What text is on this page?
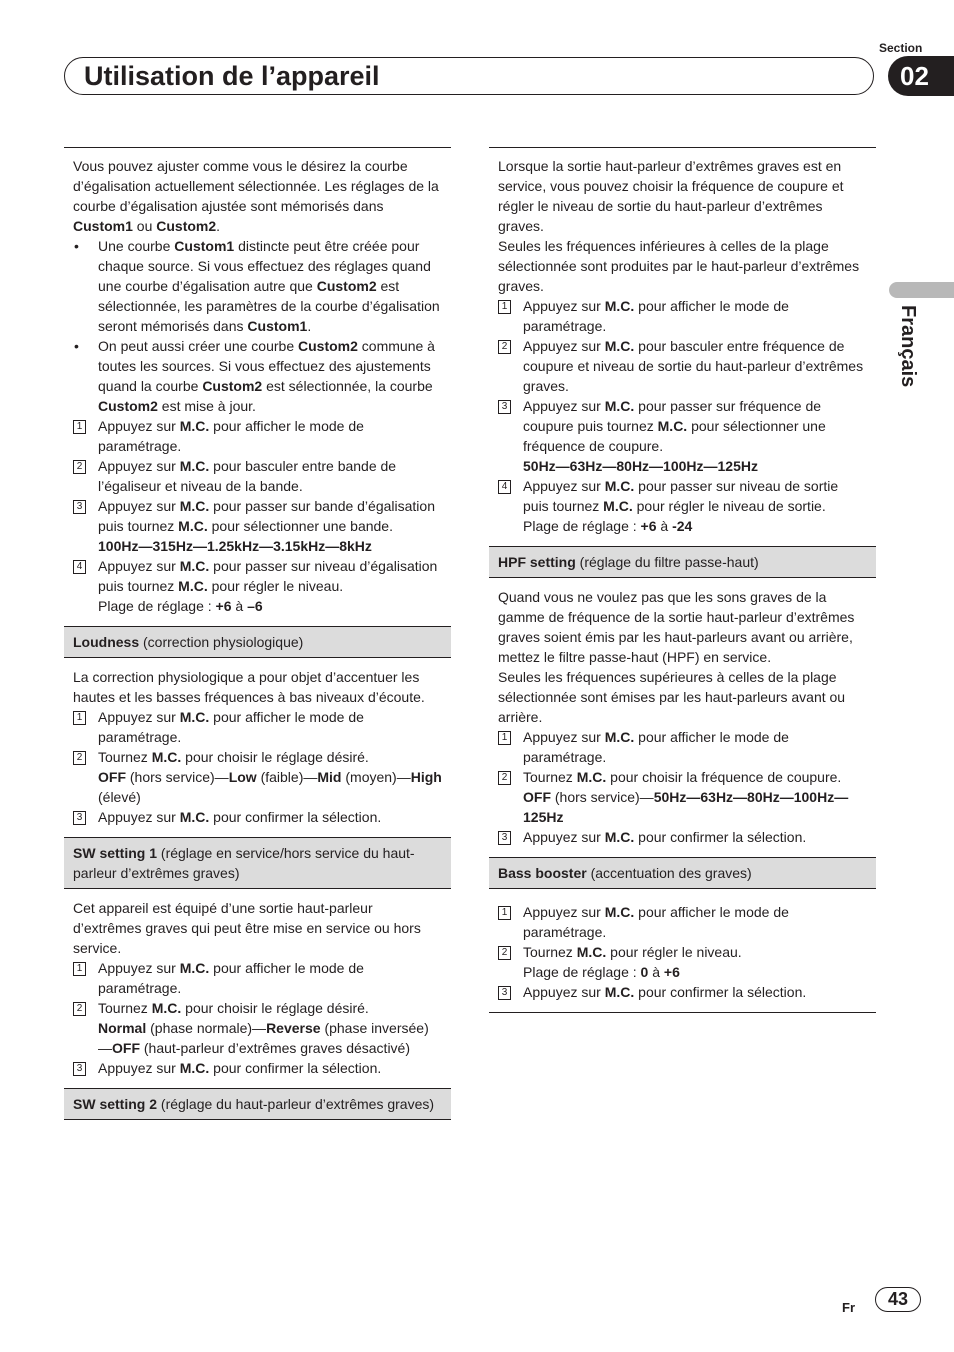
Section
Utilisation de l’appareil	02
Français

Vous pouvez ajuster comme vous le désirez la courbe d’égalisation actuellement sélectionnée. Les réglages de la courbe d’égalisation ajustée sont mémorisés dans Custom1 ou Custom2.

• Une courbe Custom1 distincte peut être créée pour chaque source. Si vous effectuez des réglages quand une courbe d’égalisation autre que Custom2 est sélectionnée, les paramètres de la courbe d’égalisation seront mémorisés dans Custom1.
• On peut aussi créer une courbe Custom2 commune à toutes les sources. Si vous effectuez des ajustements quand la courbe Custom2 est sélectionnée, la courbe Custom2 est mise à jour.
1 Appuyez sur M.C. pour afficher le mode de paramétrage.
2 Appuyez sur M.C. pour basculer entre bande de l’égaliseur et niveau de la bande.
3 Appuyez sur M.C. pour passer sur bande d’égalisation puis tournez M.C. pour sélectionner une bande.
100Hz—315Hz—1.25kHz—3.15kHz—8kHz
4 Appuyez sur M.C. pour passer sur niveau d’égalisation puis tournez M.C. pour régler le niveau.
Plage de réglage : +6 à –6
Loudness (correction physiologique)

La correction physiologique a pour objet d’accentuer les hautes et les basses fréquences à bas niveaux d’écoute.

1 Appuyez sur M.C. pour afficher le mode de paramétrage.
2 Tournez M.C. pour choisir le réglage désiré.
OFF (hors service)—Low (faible)—Mid (moyen)—High (élevé)
3 Appuyez sur M.C. pour confirmer la sélection.
SW setting 1 (réglage en service/hors service du haut-parleur d’extrêmes graves)

Cet appareil est équipé d’une sortie haut-parleur d’extrêmes graves qui peut être mise en service ou hors service.

1 Appuyez sur M.C. pour afficher le mode de paramétrage.
2 Tournez M.C. pour choisir le réglage désiré.
Normal (phase normale)—Reverse (phase inversée)—OFF (haut-parleur d’extrêmes graves désactivé)
3 Appuyez sur M.C. pour confirmer la sélection.
SW setting 2 (réglage du haut-parleur d’extrêmes graves)

Lorsque la sortie haut-parleur d’extrêmes graves est en service, vous pouvez choisir la fréquence de coupure et régler le niveau de sortie du haut-parleur d’extrêmes graves.

Seules les fréquences inférieures à celles de la plage sélectionnée sont produites par le haut-parleur d’extrêmes graves.

1 Appuyez sur M.C. pour afficher le mode de paramétrage.
2 Appuyez sur M.C. pour basculer entre fréquence de coupure et niveau de sortie du haut-parleur d’extrêmes graves.
3 Appuyez sur M.C. pour passer sur fréquence de coupure puis tournez M.C. pour sélectionner une fréquence de coupure.
50Hz—63Hz—80Hz—100Hz—125Hz
4 Appuyez sur M.C. pour passer sur niveau de sortie puis tournez M.C. pour régler le niveau de sortie.
Plage de réglage : +6 à -24
HPF setting (réglage du filtre passe-haut)

Quand vous ne voulez pas que les sons graves de la gamme de fréquence de la sortie haut-parleur d’extrêmes graves soient émis par les haut-parleurs avant ou arrière, mettez le filtre passe-haut (HPF) en service.

Seules les fréquences supérieures à celles de la plage sélectionnée sont émises par les haut-parleurs avant ou arrière.

1 Appuyez sur M.C. pour afficher le mode de paramétrage.
2 Tournez M.C. pour choisir la fréquence de coupure.
OFF (hors service)—50Hz—63Hz—80Hz—100Hz—125Hz
3 Appuyez sur M.C. pour confirmer la sélection.
Bass booster (accentuation des graves)
1 Appuyez sur M.C. pour afficher le mode de paramétrage.
2 Tournez M.C. pour régler le niveau.
Plage de réglage : 0 à +6
3 Appuyez sur M.C. pour confirmer la sélection.
Fr	43
